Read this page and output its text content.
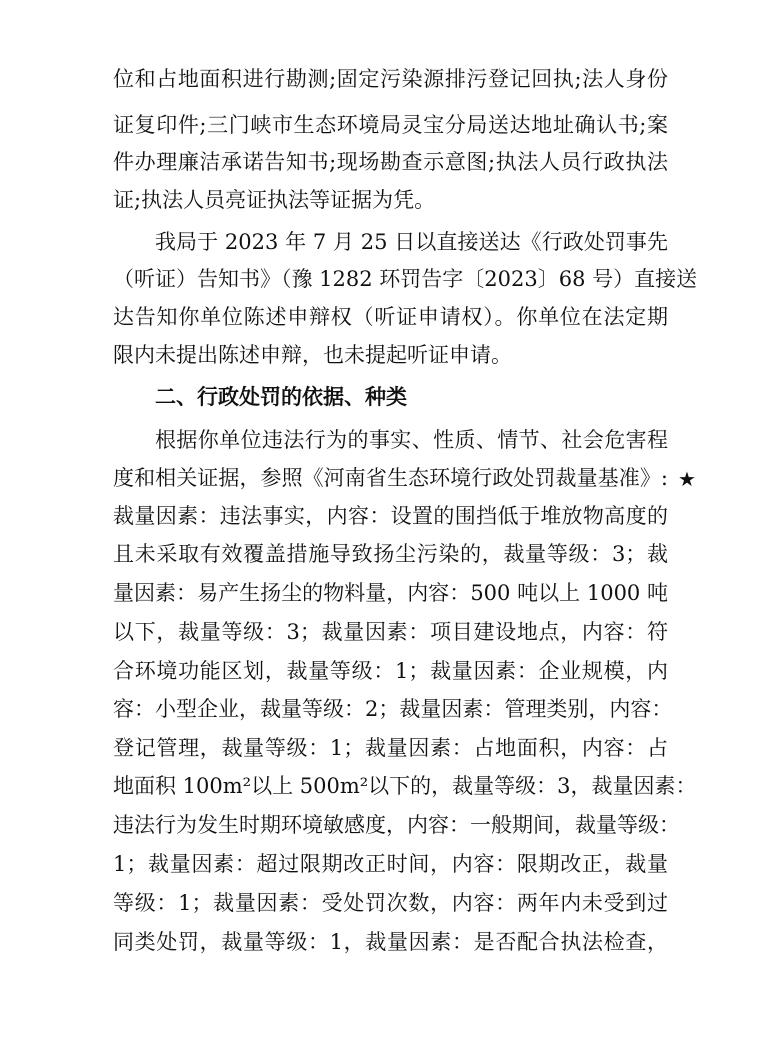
位和占地面积进行勘测;固定污染源排污登记回执;法人身份
证复印件;三门峡市生态环境局灵宝分局送达地址确认书;案
件办理廉洁承诺告知书;现场勘查示意图;执法人员行政执法
证;执法人员亮证执法等证据为凭。
我局于 2023 年 7 月 25 日以直接送达《行政处罚事先
（听证）告知书》（豫 1282 环罚告字〔2023〕68 号）直接送
达告知你单位陈述申辩权（听证申请权）。你单位在法定期
限内未提出陈述申辩，也未提起听证申请。
二、行政处罚的依据、种类
根据你单位违法行为的事实、性质、情节、社会危害程
度和相关证据，参照《河南省生态环境行政处罚裁量基准》:
裁量因素：违法事实，内容：设置的围挡低于堆放物高度的
且未采取有效覆盖措施导致扬尘污染的，裁量等级：3；裁
量因素：易产生扬尘的物料量，内容：500 吨以上 1000 吨
以下，裁量等级：3；裁量因素：项目建设地点，内容：符
合环境功能区划，裁量等级：1；裁量因素：企业规模，内
容：小型企业，裁量等级：2；裁量因素：管理类别，内容：
登记管理，裁量等级：1；裁量因素：占地面积，内容：占
地面积 100m²以上 500m²以下的，裁量等级：3，裁量因素：
违法行为发生时期环境敏感度，内容：一般期间，裁量等级：
1；裁量因素：超过限期改正时间，内容：限期改正，裁量
等级：1；裁量因素：受处罚次数，内容：两年内未受到过
同类处罚，裁量等级：1，裁量因素：是否配合执法检查，
★
